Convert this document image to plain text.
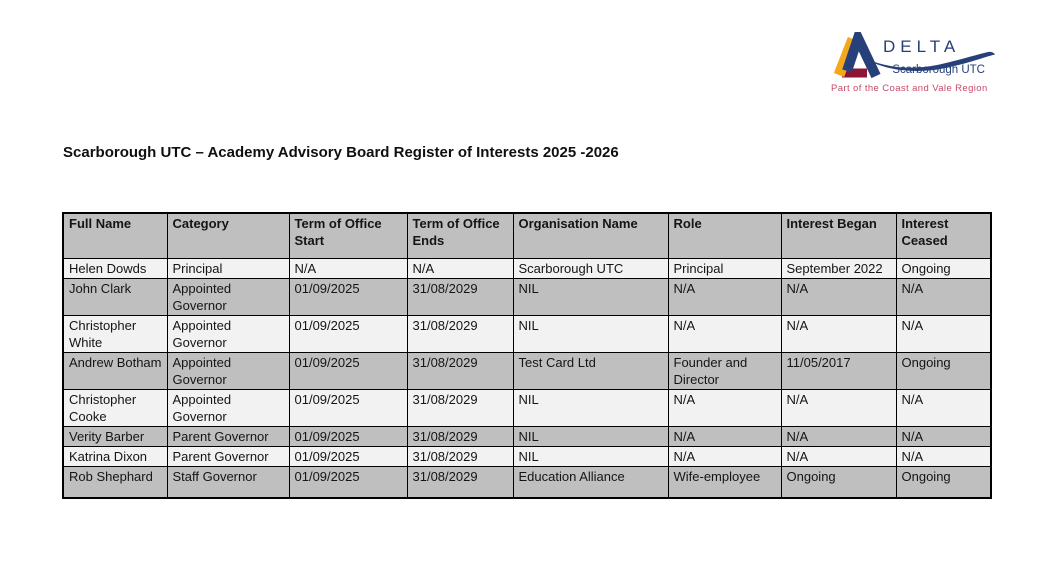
DELTA
Scarborough UTC
Part of the Coast and Vale Region
Scarborough UTC – Academy Advisory Board Register of Interests 2025 -2026
Full Name	Category	Term of Office Start	Term of Office Ends	Organisation Name	Role	Interest Began	Interest Ceased
Helen Dowds	Principal	N/A	N/A	Scarborough UTC	Principal	September 2022	Ongoing
John Clark	Appointed Governor	01/09/2025	31/08/2029	NIL	N/A	N/A	N/A
Christopher White	Appointed Governor	01/09/2025	31/08/2029	NIL	N/A	N/A	N/A
Andrew Botham	Appointed Governor	01/09/2025	31/08/2029	Test Card Ltd	Founder and Director	11/05/2017	Ongoing
Christopher Cooke	Appointed Governor	01/09/2025	31/08/2029	NIL	N/A	N/A	N/A
Verity Barber	Parent Governor	01/09/2025	31/08/2029	NIL	N/A	N/A	N/A
Katrina Dixon	Parent Governor	01/09/2025	31/08/2029	NIL	N/A	N/A	N/A
Rob Shephard	Staff Governor	01/09/2025	31/08/2029	Education Alliance	Wife-employee	Ongoing	Ongoing
